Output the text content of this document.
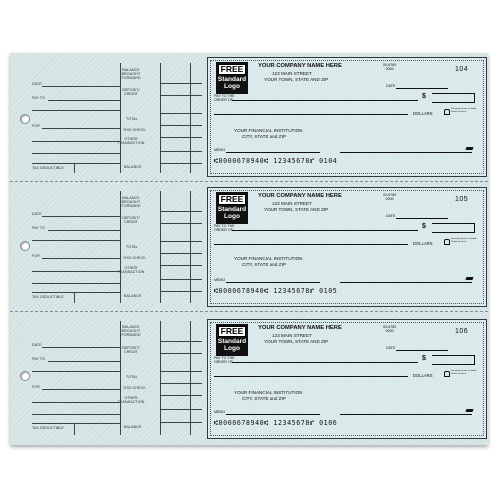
BALANCE BROUGHT FORWARD
DATE
DEPOSIT/ CREDIT
PAY TO
TOTAL
FOR
THIS CHECK
OTHER TRANSACTION
BALANCE
TAX DEDUCTIBLE
FREE
Standard
Logo
YOUR COMPANY NAME HERE
123 MAIN STREET
YOUR TOWN, STATE AND ZIP
00-6789
0000	104
DATE
PAY TO THE
ORDER OF	$
DOLLARS
Security features included. Details on back.
YOUR FINANCIAL INSTITUTION
CITY, STATE and ZIP
MEMO
⑆0000678940⑆ 12345678⑈ 0104
BALANCE BROUGHT FORWARD
DATE
DEPOSIT/ CREDIT
PAY TO
TOTAL
FOR	THIS CHECK
OTHER TRANSACTION
BALANCE
TAX DEDUCTIBLE
FREE
Standard
Logo
YOUR COMPANY NAME HERE
123 MAIN STREET
YOUR TOWN, STATE AND ZIP
00-6789
0000	105
DATE
PAY TO THE
ORDER OF	$
DOLLARS
Security features included. Details on back.
YOUR FINANCIAL INSTITUTION
CITY, STATE and ZIP
MEMO
⑆0000678940⑆ 12345678⑈ 0105
BALANCE BROUGHT FORWARD
DATE
DEPOSIT/ CREDIT
PAY TO
TOTAL
FOR	THIS CHECK
OTHER TRANSACTION
BALANCE
TAX DEDUCTIBLE
FREE
Standard
Logo
YOUR COMPANY NAME HERE
123 MAIN STREET
YOUR TOWN, STATE AND ZIP
00-6789
0000	106
DATE
PAY TO THE
ORDER OF	$
DOLLARS
Security features included. Details on back.
YOUR FINANCIAL INSTITUTION
CITY, STATE and ZIP
MEMO
⑆0000678940⑆ 12345678⑈ 0106
